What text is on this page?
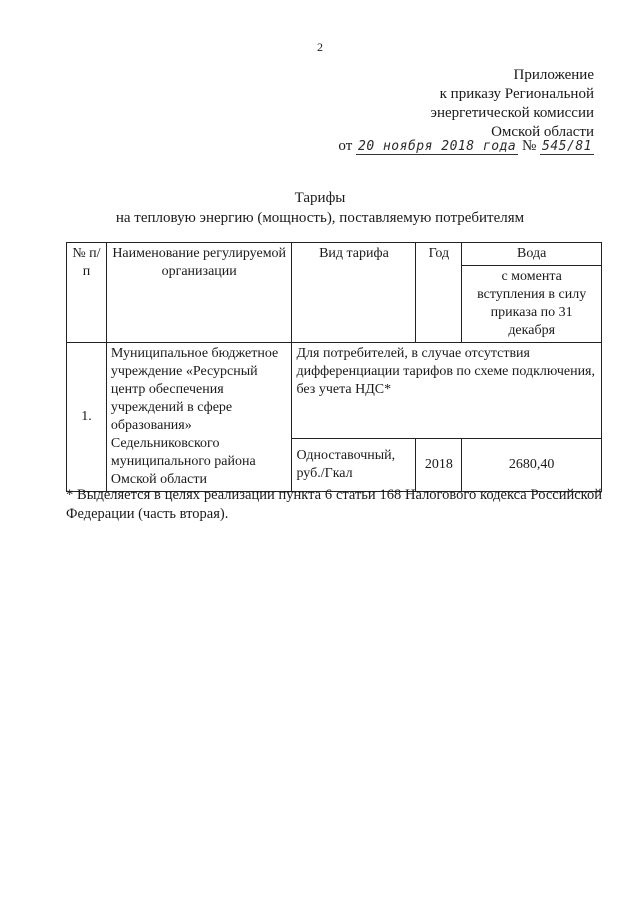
2
Приложение
к приказу Региональной
энергетической комиссии
Омской области
от 20 ноября 2018 года № 545/81
Тарифы
на тепловую энергию (мощность), поставляемую потребителям
№ п/п	Наименование регулируемой организации	Вид тарифа	Год	Вода
				с момента вступления в силу приказа по 31 декабря
1.	Муниципальное бюджетное учреждение «Ресурсный центр обеспечения учреждений в сфере образования» Седельниковского муниципального района Омской области	Для потребителей, в случае отсутствия дифференциации тарифов по схеме подключения, без учета НДС*		
		Одноставочный, руб./Гкал	2018	2680,40
* Выделяется в целях реализации пункта 6 статьи 168 Налогового кодекса Российской Федерации (часть вторая).
